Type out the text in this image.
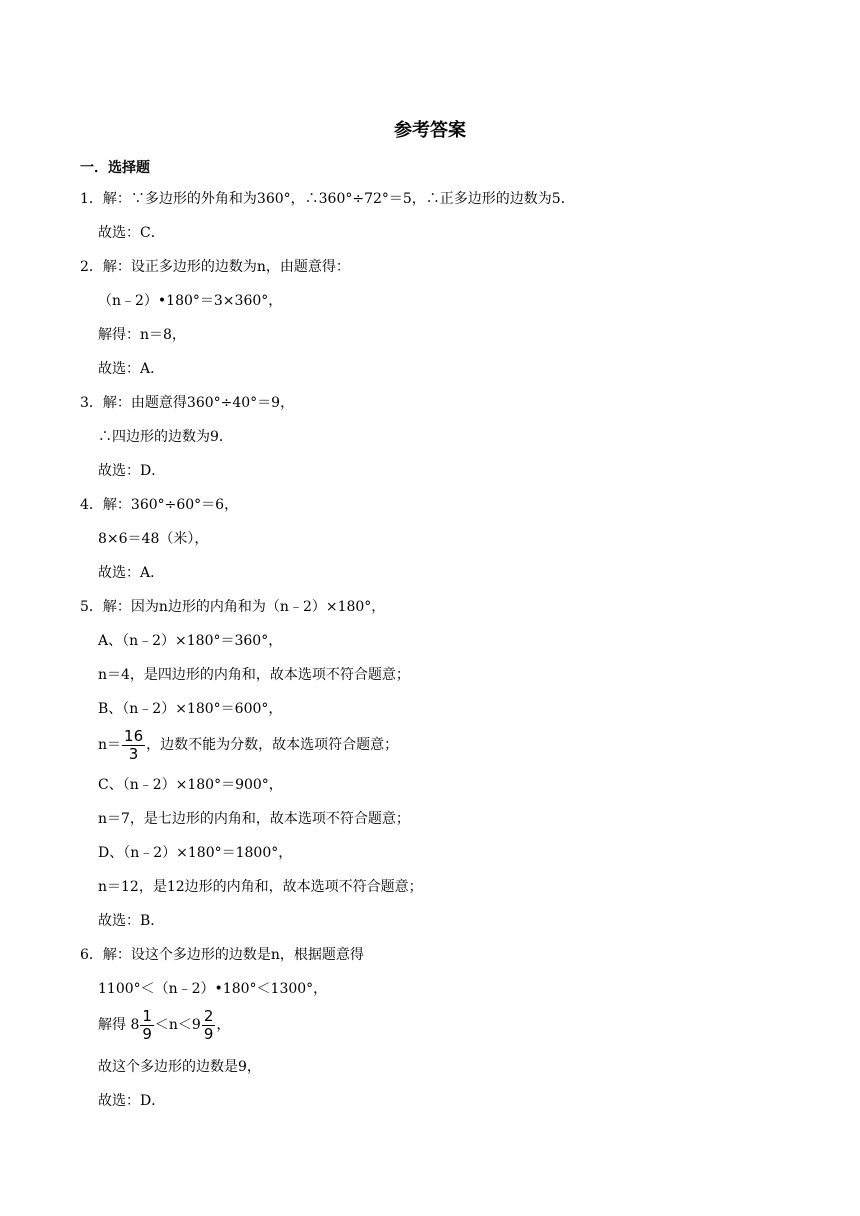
参考答案
一．选择题
1．解：∵多边形的外角和为360°，∴360°÷72°＝5，∴正多边形的边数为5．
故选：C．
2．解：设正多边形的边数为n，由题意得：
（n﹣2）•180°＝3×360°，
解得：n＝8，
故选：A．
3．解：由题意得360°÷40°＝9，
∴四边形的边数为9．
故选：D．
4．解：360°÷60°＝6，
8×6＝48（米），
故选：A．
5．解：因为n边形的内角和为（n﹣2）×180°，
A、（n﹣2）×180°＝360°，
n＝4，是四边形的内角和，故本选项不符合题意；
B、（n﹣2）×180°＝600°，
$n= \frac{16}{3}$ ，边数不能为分数，故本选项符合题意；
C、（n﹣2）×180°＝900°，
n＝7，是七边形的内角和，故本选项不符合题意；
D、（n﹣2）×180°＝1800°，
n＝12，是12边形的内角和，故本选项不符合题意；
故选：B．
6．解：设这个多边形的边数是n，根据题意得
1100°＜（n﹣2）•180°＜1300°，
解得 $8 \frac{1}{9} <n<9 \frac{2}{9}$ ，
故这个多边形的边数是9，
故选：D．
